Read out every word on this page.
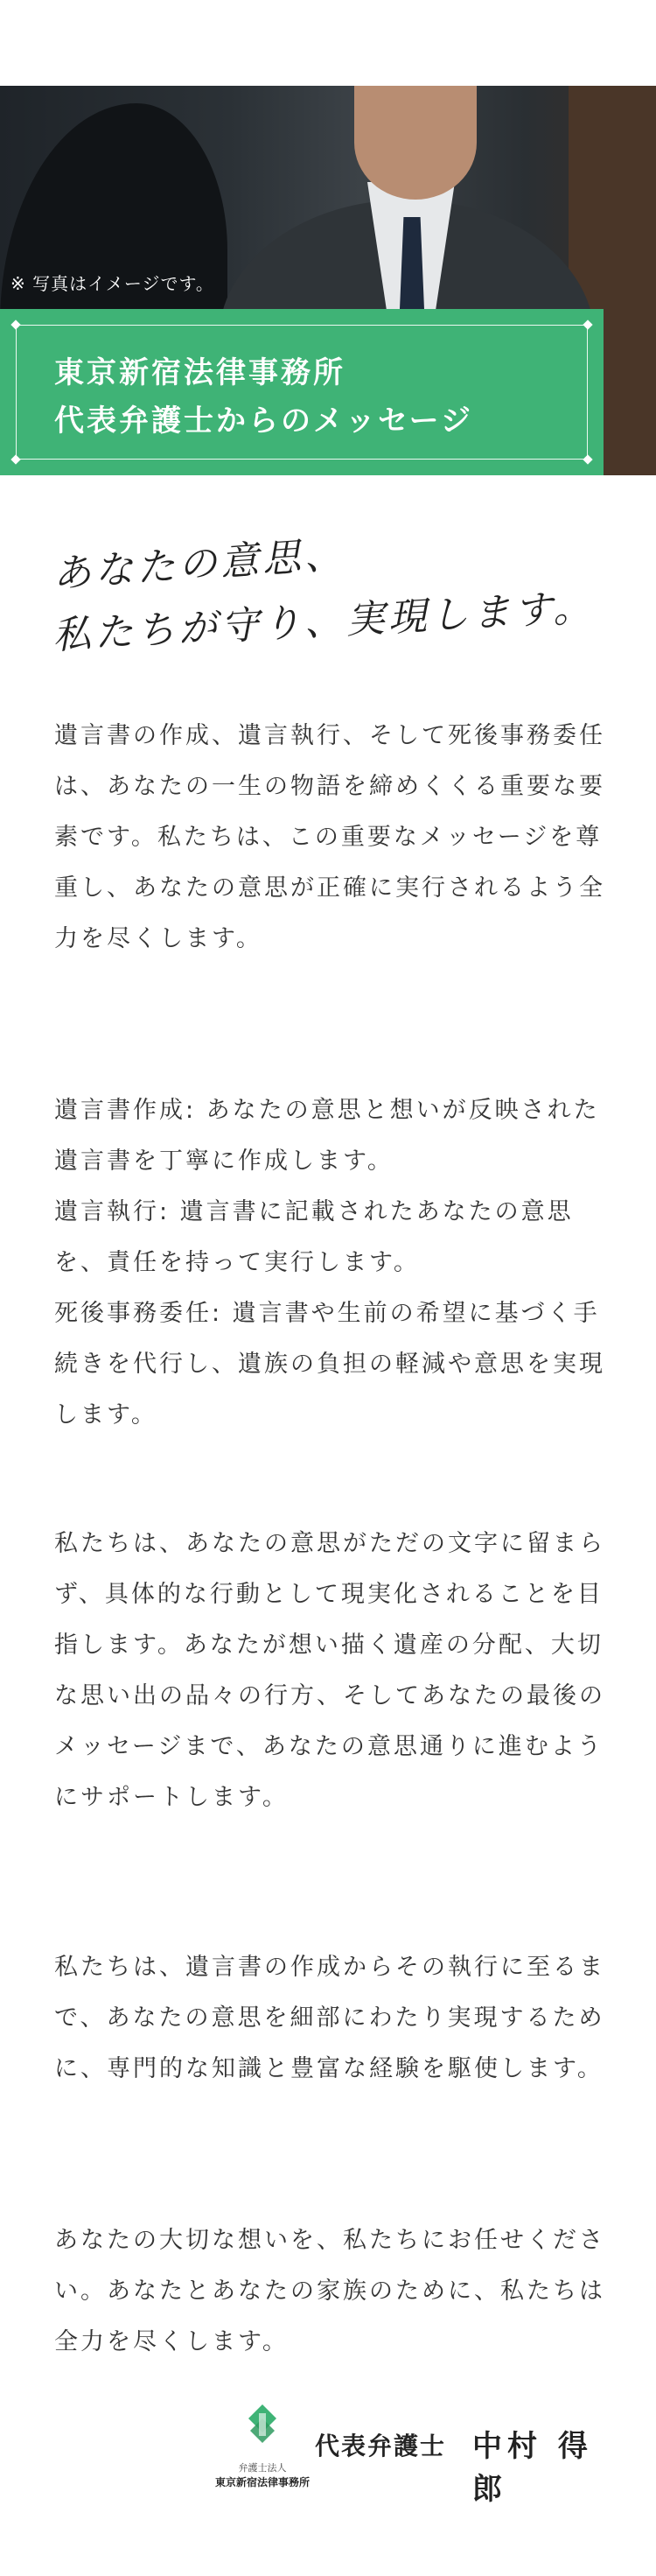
※ 写真はイメージです。
東京新宿法律事務所
代表弁護士からのメッセージ
あなたの意思、
私たちが守り、実現します。

遺言書の作成、遺言執行、そして死後事務委任は、あなたの一生の物語を締めくくる重要な要素です。私たちは、この重要なメッセージを尊重し、あなたの意思が正確に実行されるよう全力を尽くします。

遺言書作成: あなたの意思と想いが反映された遺言書を丁寧に作成します。
遺言執行: 遺言書に記載されたあなたの意思を、責任を持って実行します。
死後事務委任: 遺言書や生前の希望に基づく手続きを代行し、遺族の負担の軽減や意思を実現します。

私たちは、あなたの意思がただの文字に留まらず、具体的な行動として現実化されることを目指します。あなたが想い描く遺産の分配、大切な思い出の品々の行方、そしてあなたの最後のメッセージまで、あなたの意思通りに進むようにサポートします。

私たちは、遺言書の作成からその執行に至るまで、あなたの意思を細部にわたり実現するために、専門的な知識と豊富な経験を駆使します。

あなたの大切な想いを、私たちにお任せください。あなたとあなたの家族のために、私たちは全力を尽くします。

弁護士法人
東京新宿法律事務所
代表弁護士 中村 得郎
